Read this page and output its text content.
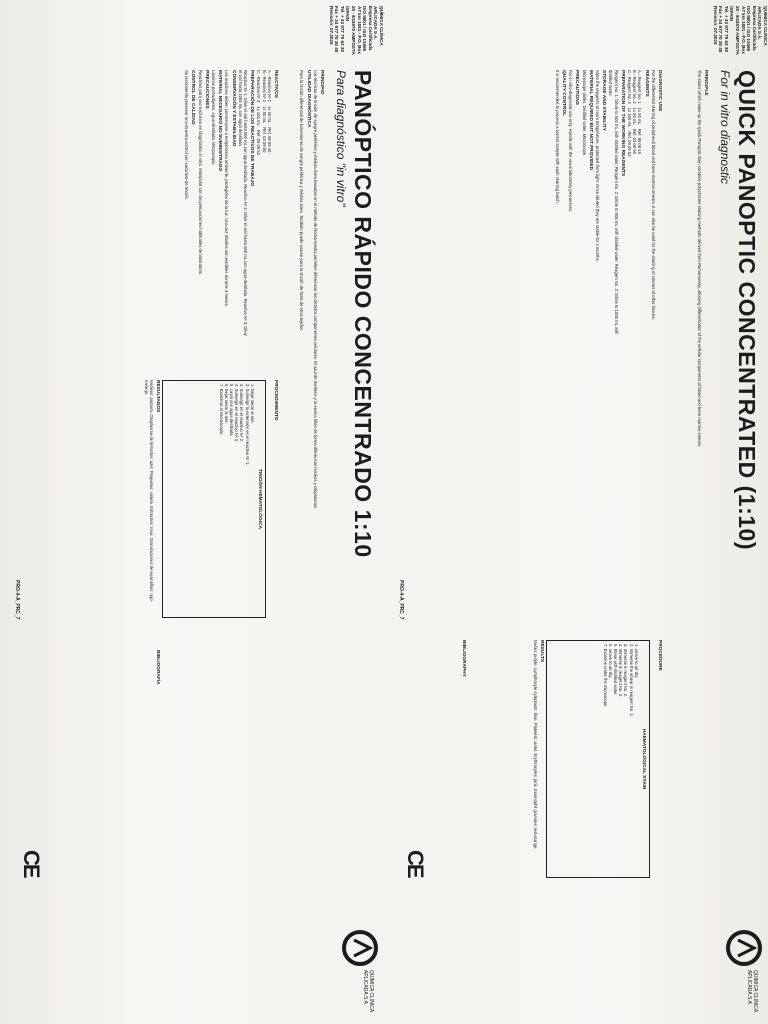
PANÓPTICO RÁPIDO CONCENTRADO 1:10
Para diagnóstico "in vitro"
QUÍMICA CLÍNICA APLICADA S.A.
PRINCIPIO

Las técnicas de tinción de sangre periférica y médula ósea basadas en el método de Romanowsky permiten diferenciar los distintos componentes celulares. El azul de metileno y la eosina tiñen de forma diferencial núcleos y citoplasmas.

UTILIDAD DIAGNÓSTICA

Para la tinción diferencial de extensiones de sangre periférica y médula ósea. También puede usarse para la tinción de frotis de otros tejidos.

REACTIVOS
A.- Reactivo Nº 1
1x 50 mL
Ref. 99 09 45
B.- Reactivo Nº 2
1x 50 mL
Ref. 03 09 50
C.- Reactivo Nº 3
1x 100 mL
Ref. 09 09 52
PREPARACIÓN DE LOS REACTIVOS DE TRABAJO

Reactivo Nº 1: Diluir el vial hasta 500 mL con agua destilada. Reactivo Nº 2: Diluir el vial hasta 500 mL con agua destilada. Reactivo Nº 3: Diluir el vial hasta 1000 mL con agua destilada.

CONSERVACIÓN Y ESTABILIDAD

Los reactivos deben conservarse a temperatura ambiente, protegidos de la luz. Una vez diluidos son estables durante 3 meses.

MATERIAL NECESARIO NO SUMINISTRADO

Láminas portaobjetos. Agua destilada. Microscopio.

PRECAUCIONES

Reactivos para uso exclusivo en diagnóstico in vitro. Manipular con las precauciones habituales de laboratorio.

CONTROL DE CALIDAD

Se recomienda procesar una muestra control con cada lote de tinción.

PROCEDIMIENTO
TINCIÓN HEMATOLÓGICA
1. Dejar secar al aire.
2. Sumergir la extensión en el reactivo Nº 1.
3. Sumergir en el reactivo Nº 2.
4. Sumergir en el reactivo Nº 3.
5. Lavar con agua destilada.
6. Dejar secar al aire.
7. Examinar al microscopio.
RESULTADOS

Núcleos: púrpura. Citoplasma de linfocitos: azul. Plaquetas: violeta. Eritrocitos: rosa. Granulaciones de eosinófilos: rojo-naranja.

BIBLIOGRAFÍA
QUÍMICA CLÍNICA APLICADA S.A.
Empresa Certificada ISO 9001 / ISO 13485
A7 km 1081 - P.O. Box 20 - E43870 AMPOSTA /SPAIN
Tel. + 34 977 70 62 30 Fax + 34 977 70 30 40
Revisión: 07.2018
PRO-4-A_PRC_7
CE
QUICK PANOPTIC CONCENTRATED (1:10)
For in vitro diagnostic
QUIMICA CLINICA APLICADA S.A.
PRINCIPLE

The stains which make up the Quick Panoptic stain combine polychrome staining methods derived from Romanowsky, allowing differentiation of the cellular components of blood and bone marrow smears.

DIAGNOSTIC USE

For the differential staining of peripheral blood and bone marrow smears. It can also be used for the staining of smears of other tissues.

REAGENTS
A.- Reagent No. 1
1x 50 mL
Ref. 99 09 45
B.- Reagent No. 2
1x 50 mL
Ref. 03 09 50
C.- Reagent No. 3
1x 100 mL
Ref. 09 09 52
PREPARATION OF THE WORKING REAGENTS

Reagent No. 1: Dilute to 500 mL with distilled water. Reagent No. 2: Dilute to 500 mL with distilled water. Reagent No. 3: Dilute to 1000 mL with distilled water.

STORAGE AND STABILITY

Store the reagents at room temperature, protected from light. Once diluted they are stable for 3 months.

MATERIAL REQUIRED BUT NOT PROVIDED

Microscope slides. Distilled water. Microscope.

PRECAUTIONS

For in vitro diagnostic use only. Handle with the usual laboratory precautions.

QUALITY CONTROL

It is recommended to process a control sample with each staining batch.

PROCEDURE
HAEMATOLOGICAL STAIN
1. Leave to air dry.
2. Immerse the smear in reagent No. 1.
3. Immerse in reagent No. 2.
4. Immerse in reagent No. 3.
5. Rinse with distilled water.
6. Leave to air dry.
7. Examine under the microscope.
RESULTS

Nuclei: purple. Lymphocyte cytoplasm: blue. Platelets: violet. Erythrocytes: pink. Eosinophil granules: red-orange.

BIBLIOGRAPHY
QUIMICA CLINICA APLICADA S.A.
Empresa Certificada ISO 9001 / ISO 13485
A7 km 1081 - P.O. Box 20 - E43870 AMPOSTA /SPAIN
Tel. + 34 977 70 62 30 Fax + 34 977 70 30 40
Revision: 07.2018
PRO-4-A_PRC_7
CE
